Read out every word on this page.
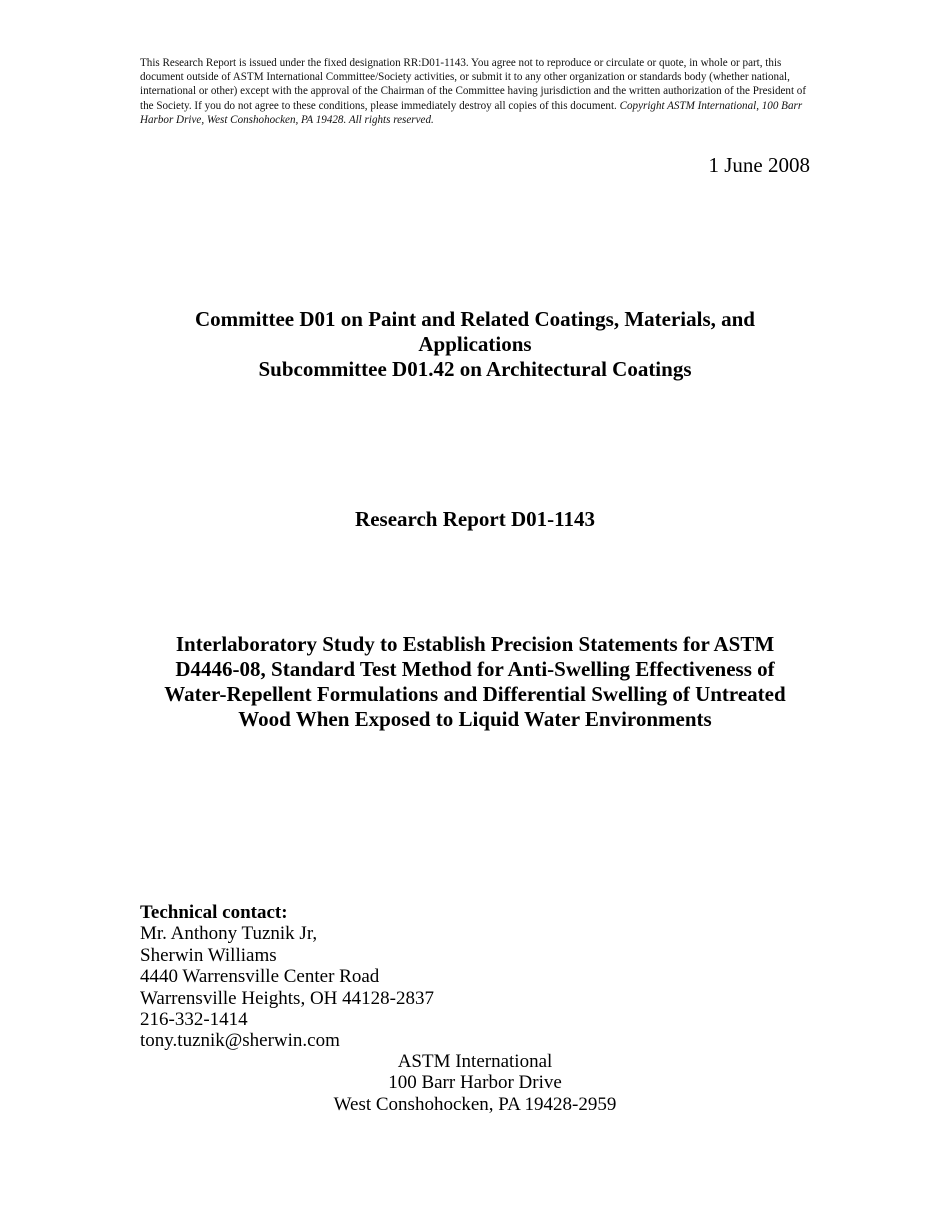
This Research Report is issued under the fixed designation RR:D01-1143. You agree not to reproduce or circulate or quote, in whole or part, this document outside of ASTM International Committee/Society activities, or submit it to any other organization or standards body (whether national, international or other) except with the approval of the Chairman of the Committee having jurisdiction and the written authorization of the President of the Society. If you do not agree to these conditions, please immediately destroy all copies of this document. Copyright ASTM International, 100 Barr Harbor Drive, West Conshohocken, PA 19428. All rights reserved.
1 June 2008
Committee D01 on Paint and Related Coatings, Materials, and
Applications
Subcommittee D01.42 on Architectural Coatings
Research Report D01-1143
Interlaboratory Study to Establish Precision Statements for ASTM
D4446-08, Standard Test Method for Anti-Swelling Effectiveness of
Water-Repellent Formulations and Differential Swelling of Untreated
Wood When Exposed to Liquid Water Environments
Technical contact:
Mr. Anthony Tuznik Jr,
Sherwin Williams
4440 Warrensville Center Road
Warrensville Heights, OH 44128-2837
216-332-1414
tony.tuznik@sherwin.com
ASTM International
100 Barr Harbor Drive
West Conshohocken, PA 19428-2959
